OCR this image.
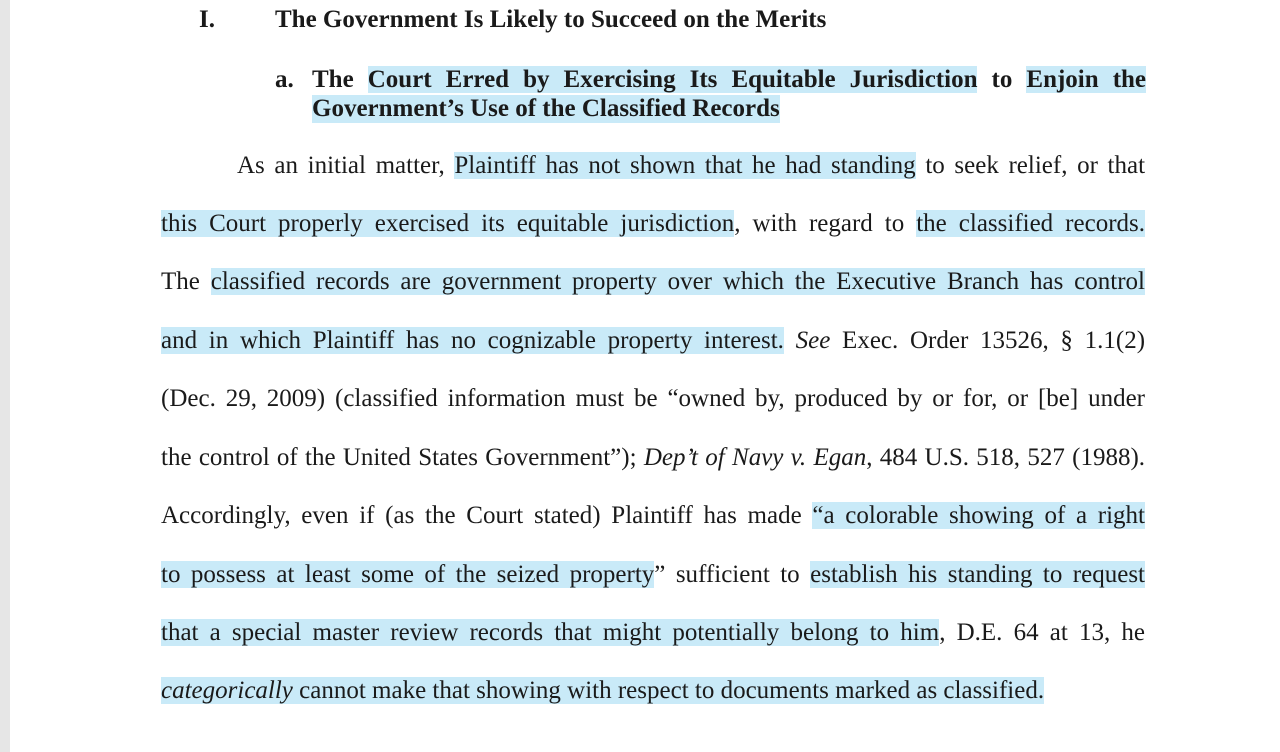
I. The Government Is Likely to Succeed on the Merits
a. The Court Erred by Exercising Its Equitable Jurisdiction to Enjoin the
Government’s Use of the Classified Records
As an initial matter, Plaintiff has not shown that he had standing to seek relief, or that
this Court properly exercised its equitable jurisdiction, with regard to the classified records.
The classified records are government property over which the Executive Branch has control
and in which Plaintiff has no cognizable property interest. See Exec. Order 13526, § 1.1(2)
(Dec. 29, 2009) (classified information must be “owned by, produced by or for, or [be] under
the control of the United States Government”); Dep’t of Navy v. Egan, 484 U.S. 518, 527 (1988).
Accordingly, even if (as the Court stated) Plaintiff has made “a colorable showing of a right
to possess at least some of the seized property” sufficient to establish his standing to request
that a special master review records that might potentially belong to him, D.E. 64 at 13, he
categorically cannot make that showing with respect to documents marked as classified.
